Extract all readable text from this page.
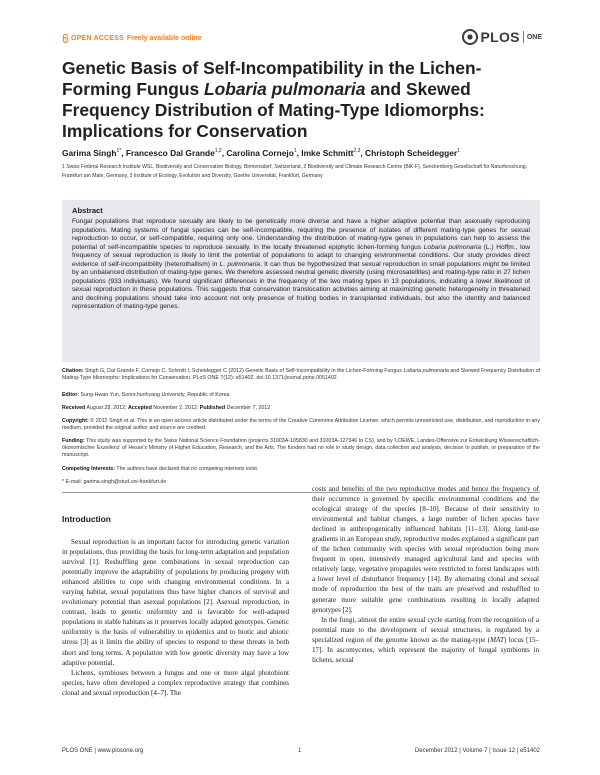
OPEN ACCESS Freely available online	PLOS ONE
Genetic Basis of Self-Incompatibility in the Lichen-Forming Fungus Lobaria pulmonaria and Skewed Frequency Distribution of Mating-Type Idiomorphs: Implications for Conservation
Garima Singh$^{1*}$, Francesco Dal Grande$^{1,2}$, Carolina Cornejo$^1$, Imke Schmitt$^{2,3}$, Christoph Scheidegger$^1$
1 Swiss Federal Research Institute WSL, Biodiversity and Conservation Biology, Birmensdorf, Switzerland, 2 Biodiversity and Climate Research Centre (BiK-F), Senckenberg Gesellschaft für Naturforschung, Frankfurt am Main, Germany, 3 Institute of Ecology, Evolution and Diversity, Goethe Universität, Frankfurt, Germany
Abstract
Fungal populations that reproduce sexually are likely to be genetically more diverse and have a higher adaptive potential than asexually reproducing populations. Mating systems of fungal species can be self-incompatible, requiring the presence of isolates of different mating-type genes for sexual reproduction to occur, or self-compatible, requiring only one. Understanding the distribution of mating-type genes in populations can help to assess the potential of self-incompatible species to reproduce sexually. In the locally threatened epiphytic lichen-forming fungus Lobaria pulmonaria (L.) Hoffm., low frequency of sexual reproduction is likely to limit the potential of populations to adapt to changing environmental conditions. Our study provides direct evidence of self-incompatibility (heterothallism) in L. pulmonaria. It can thus be hypothesized that sexual reproduction in small populations might be limited by an unbalanced distribution of mating-type genes. We therefore assessed neutral genetic diversity (using microsatellites) and mating-type ratio in 27 lichen populations (933 individuals). We found significant differences in the frequency of the two mating types in 13 populations, indicating a lower likelihood of sexual reproduction in these populations. This suggests that conservation translocation activities aiming at maximizing genetic heterogeneity in threatened and declining populations should take into account not only presence of fruiting bodies in transplanted individuals, but also the identity and balanced representation of mating-type genes.
Citation: Singh G, Dal Grande F, Cornejo C, Schmitt I, Scheidegger C (2012) Genetic Basis of Self-Incompatibility in the Lichen-Forming Fungus Lobaria pulmonaria and Skewed Frequency Distribution of Mating-Type Idiomorphs: Implications for Conservation. PLoS ONE 7(12): e51402. doi:10.1371/journal.pone.0051402
Editor: Sung-Hwan Yun, Soonchunhyang University, Republic of Korea
Received August 28, 2012; Accepted November 2, 2012; Published December 7, 2012
Copyright: © 2012 Singh et al. This is an open-access article distributed under the terms of the Creative Commons Attribution License, which permits unrestricted use, distribution, and reproduction in any medium, provided the original author and source are credited.
Funding: This study was supported by the Swiss National Science Foundation (projects 31003A-105830 and 31003A-127346 to CS), and by 'LOEWE, Landes-Offensive zur Entwicklung Wissenschaftlich-ökonomischer Exzellenz' of Hesse's Ministry of Higher Education, Research, and the Arts. The funders had no role in study design, data collection and analysis, decision to publish, or preparation of the manuscript.
Competing Interests: The authors have declared that no competing interests exist.
* E-mail: garima.singh@stud.uni-frankfurt.de
Introduction

Sexual reproduction is an important factor for introducing genetic variation in populations, thus providing the basis for long-term adaptation and population survival [1]. Reshuffling gene combinations in sexual reproduction can potentially improve the adaptability of populations by producing progeny with enhanced abilities to cope with changing environmental conditions. In a varying habitat, sexual populations thus have higher chances of survival and evolutionary potential than asexual populations [2]. Asexual reproduction, in contrast, leads to genetic uniformity and is favorable for well-adapted populations in stable habitats as it preserves locally adapted genotypes. Genetic uniformity is the basis of vulnerability to epidemics and to biotic and abiotic stress [3] as it limits the ability of species to respond to these threats in both short and long terms. A population with low genetic diversity may have a low adaptive potential.

Lichens, symbioses between a fungus and one or more algal photobiont species, have often developed a complex reproductive strategy that combines clonal and sexual reproduction [4–7]. The

costs and benefits of the two reproductive modes and hence the frequency of their occurrence is governed by specific environmental conditions and the ecological strategy of the species [8–10]. Because of their sensitivity to environmental and habitat changes, a large number of lichen species have declined in anthropogenically influenced habitats [11–13]. Along land-use gradients in an European study, reproductive modes explained a significant part of the lichen community with species with sexual reproduction being more frequent in open, intensively managed agricultural land and species with relatively large, vegetative propagules were restricted to forest landscapes with a lower level of disturbance frequency [14]. By alternating clonal and sexual mode of reproduction the best of the traits are preserved and reshuffled to generate more suitable gene combinations resulting in locally adapted genotypes [2].

In the fungi, almost the entire sexual cycle starting from the recognition of a potential mate to the development of sexual structures, is regulated by a specialized region of the genome known as the mating-type (MAT) locus [15–17]. In ascomycetes, which represent the majority of fungal symbionts in lichens, sexual

PLOS ONE | www.plosone.org	1	December 2012 | Volume 7 | Issue 12 | e51402
